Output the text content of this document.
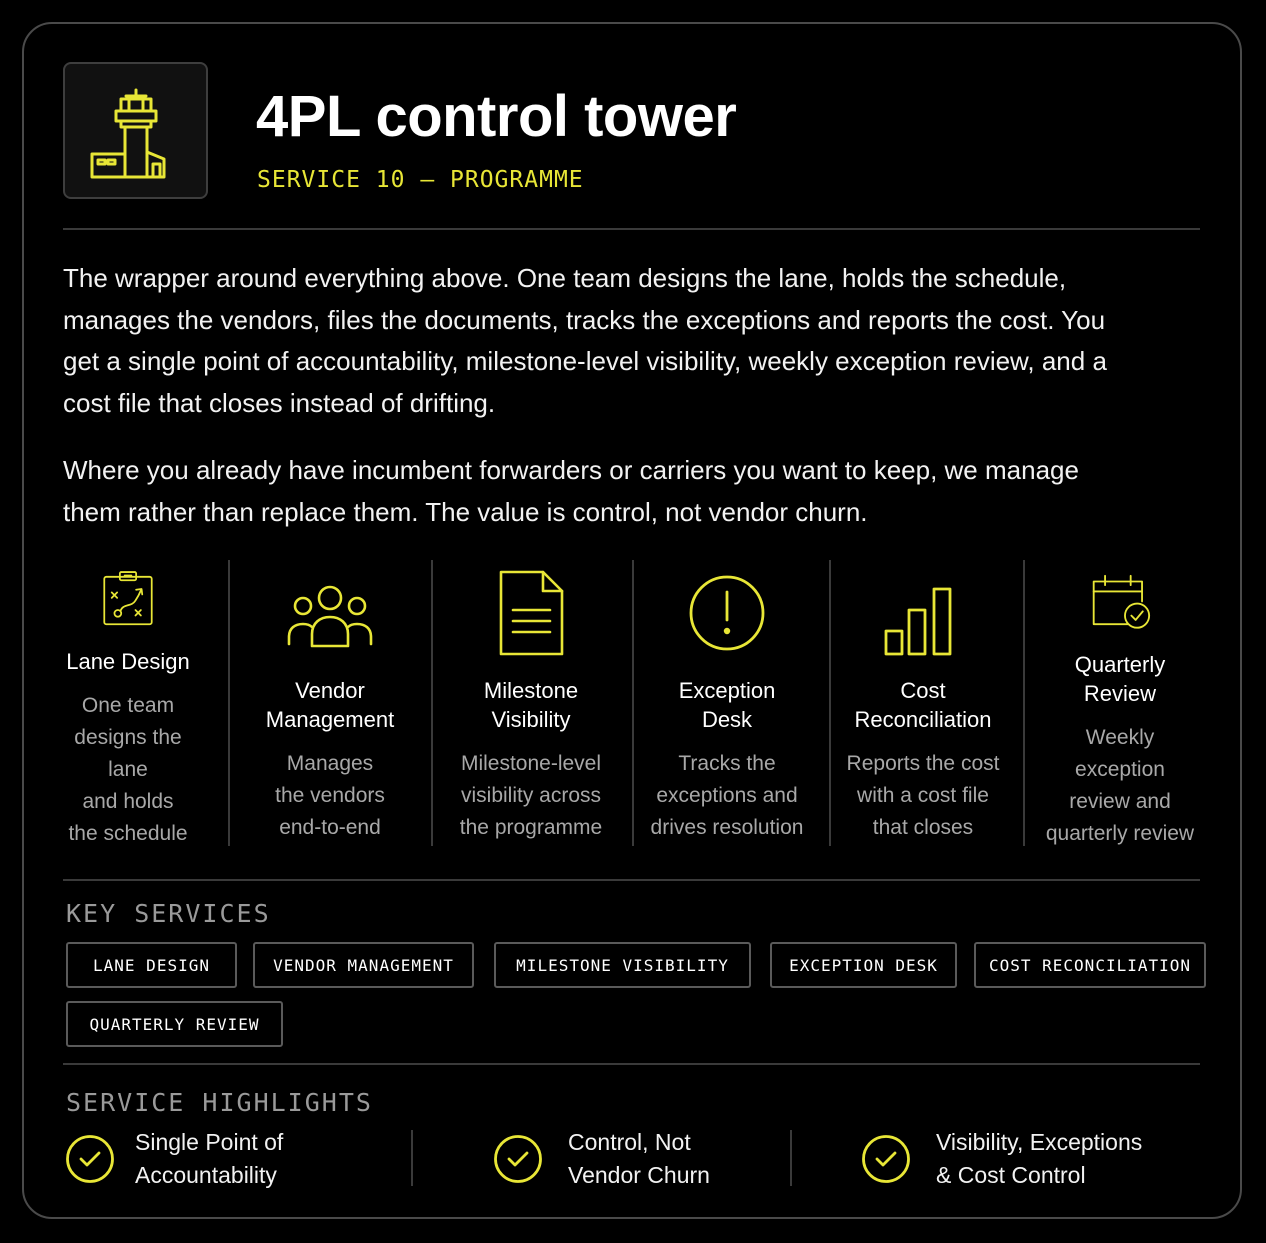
4PL control tower
SERVICE 10 — PROGRAMME

The wrapper around everything above. One team designs the lane, holds the schedule, manages the vendors, files the documents, tracks the exceptions and reports the cost. You get a single point of accountability, milestone-level visibility, weekly exception review, and a cost file that closes instead of drifting.

Where you already have incumbent forwarders or carriers you want to keep, we manage them rather than replace them. The value is control, not vendor churn.

Lane Design
One team
designs the lane
and holds
the schedule
Vendor
Management
Manages
the vendors
end-to-end
Milestone
Visibility
Milestone-level
visibility across
the programme
Exception
Desk
Tracks the
exceptions and
drives resolution
Cost
Reconciliation
Reports the cost
with a cost file
that closes
Quarterly
Review
Weekly exception
review and
quarterly review
KEY SERVICES
LANE DESIGN	VENDOR MANAGEMENT	MILESTONE VISIBILITY	EXCEPTION DESK	COST RECONCILIATION
QUARTERLY REVIEW
SERVICE HIGHLIGHTS
Single Point of
Accountability
Control, Not
Vendor Churn
Visibility, Exceptions
& Cost Control
